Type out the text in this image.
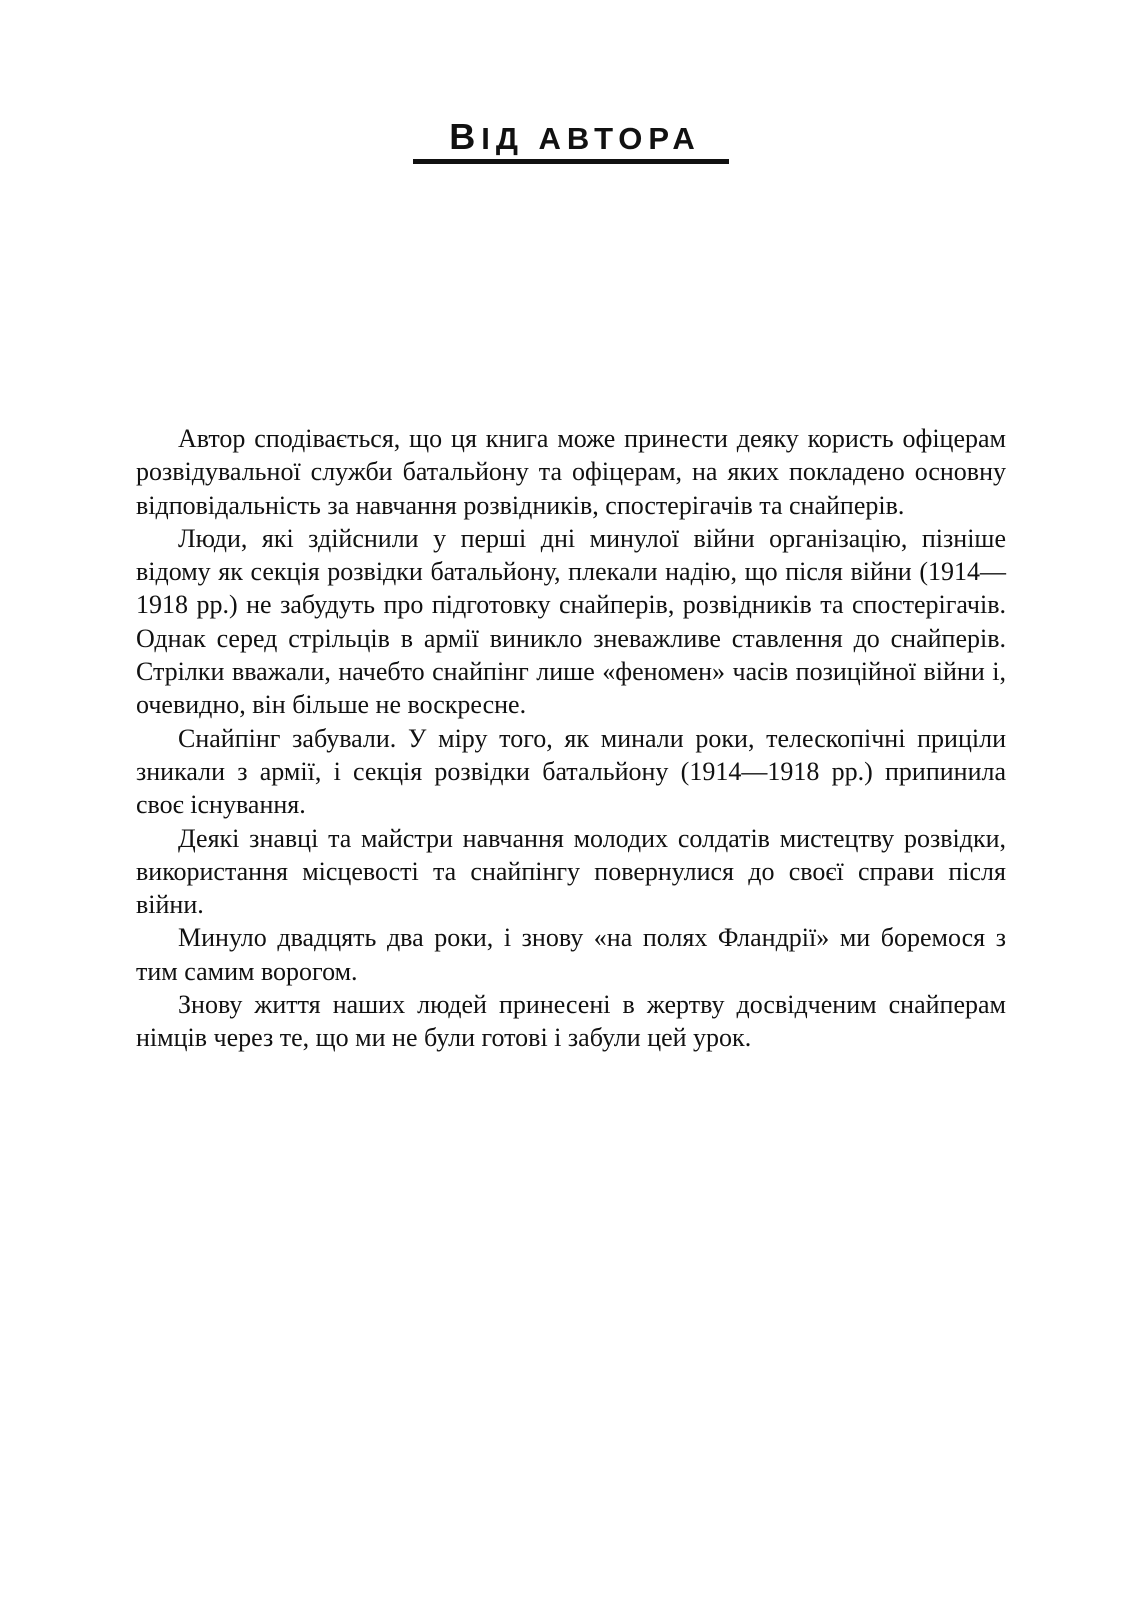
ВІД АВТОРА

Автор сподівається, що ця книга може принести деяку користь офіцерам розвідувальної служби батальйону та офіцерам, на яких покладено основну відповідальність за навчання розвідників, спостерігачів та снайперів.

Люди, які здійснили у перші дні минулої війни організацію, пізніше відому як секція розвідки батальйону, плекали надію, що після війни (1914—1918 рр.) не забудуть про підготовку снайперів, розвідників та спостерігачів. Однак серед стрільців в армії виникло зневажливе ставлення до снайперів. Стрілки вважали, начебто снайпінг лише «феномен» часів позиційної війни і, очевидно, він більше не воскресне.

Снайпінг забували. У міру того, як минали роки, телескопічні приціли зникали з армії, і секція розвідки батальйону (1914—1918 рр.) припинила своє існування.

Деякі знавці та майстри навчання молодих солдатів мистецтву розвідки, використання місцевості та снайпінгу повернулися до своєї справи після війни.

Минуло двадцять два роки, і знову «на полях Фландрії» ми боремося з тим самим ворогом.

Знову життя наших людей принесені в жертву досвідченим снайперам німців через те, що ми не були готові і забули цей урок.
